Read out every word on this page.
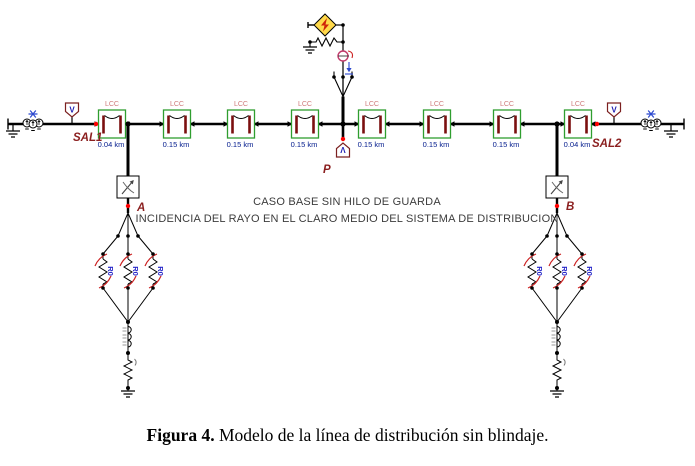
V	V
LCC
0.04 km
LCC
0.15 km
LCC
0.15 km
LCC
0.15 km
LCC
0.15 km
LCC
0.15 km
LCC
0.15 km
LCC
0.04 km
V
R0 R0 R0	R0 R0 R0
SAL1	SAL2
A	B
P
CASO BASE SIN HILO DE GUARDA
INCIDENCIA DEL RAYO EN EL CLARO MEDIO DEL SISTEMA DE DISTRIBUCION
Figura 4. Modelo de la línea de distribución sin blindaje.
